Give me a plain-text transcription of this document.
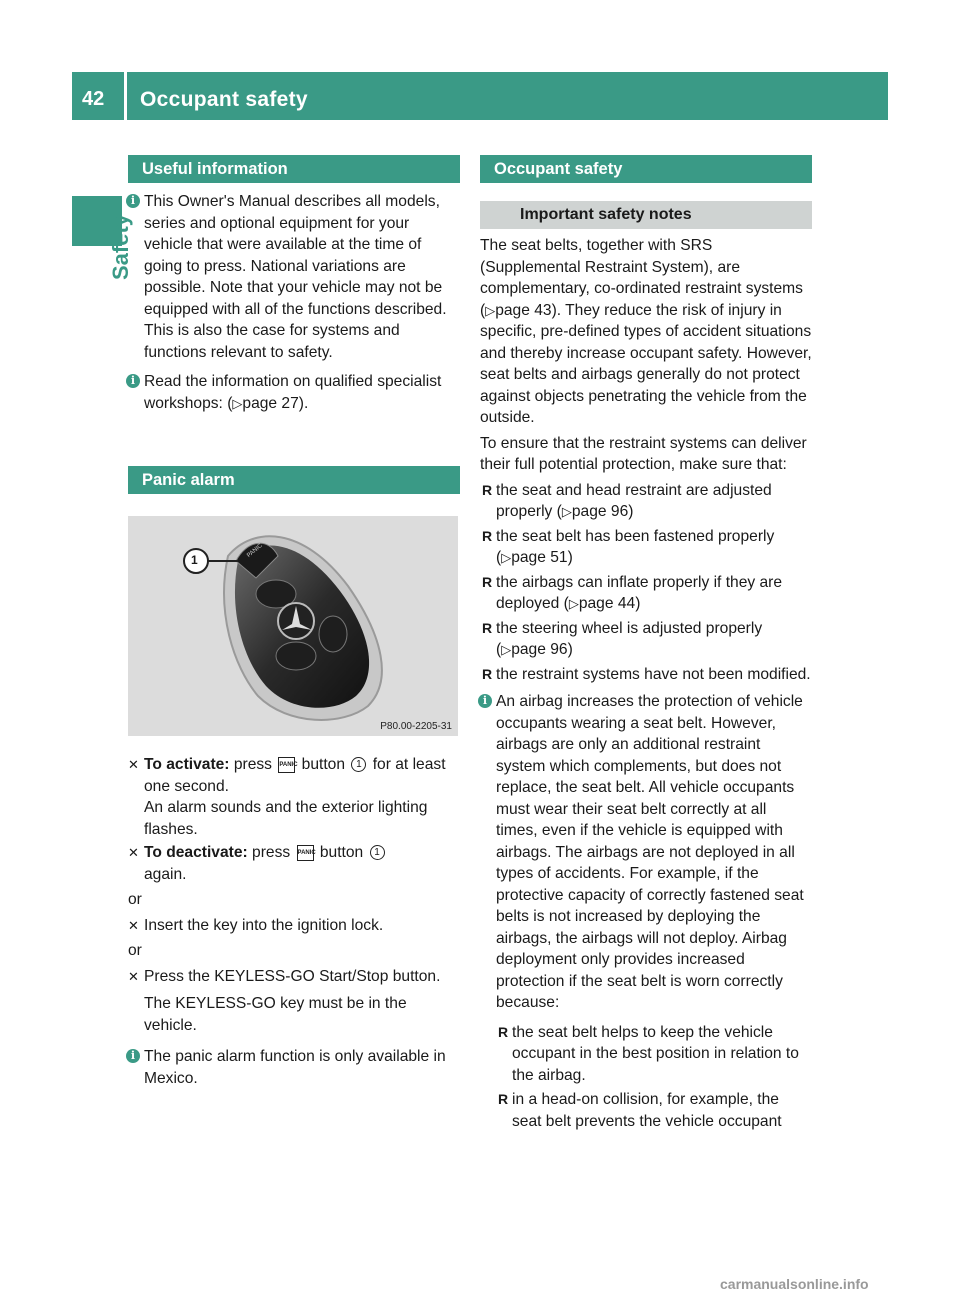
42 Occupant safety
Safety
Useful information
i This Owner's Manual describes all models, series and optional equipment for your vehicle that were available at the time of going to press. National variations are possible. Note that your vehicle may not be equipped with all of the functions described. This is also the case for systems and functions relevant to safety.
i Read the information on qualified specialist workshops: (▷page 27).
Panic alarm
1
PANIC
P80.00-2205-31
✕ To activate: press PANIC button 1 for at least one second.
An alarm sounds and the exterior lighting flashes.
✕ To deactivate: press PANIC button 1
again.
or
✕ Insert the key into the ignition lock.
or
✕ Press the KEYLESS-GO Start/Stop button.
The KEYLESS-GO key must be in the vehicle.
i The panic alarm function is only available in Mexico.
Occupant safety
Important safety notes

The seat belts, together with SRS (Supplemental Restraint System), are complementary, co-ordinated restraint systems (▷page 43). They reduce the risk of injury in specific, pre-defined types of accident situations and thereby increase occupant safety. However, seat belts and airbags generally do not protect against objects penetrating the vehicle from the outside.

To ensure that the restraint systems can deliver their full potential protection, make sure that:

R the seat and head restraint are adjusted properly (▷page 96)
R the seat belt has been fastened properly (▷page 51)
R the airbags can inflate properly if they are deployed (▷page 44)
R the steering wheel is adjusted properly (▷page 96)
R the restraint systems have not been modified.
i An airbag increases the protection of vehicle occupants wearing a seat belt. However, airbags are only an additional restraint system which complements, but does not replace, the seat belt. All vehicle occupants must wear their seat belt correctly at all times, even if the vehicle is equipped with airbags. The airbags are not deployed in all types of accidents. For example, if the protective capacity of correctly fastened seat belts is not increased by deploying the airbags, the airbags will not deploy. Airbag deployment only provides increased protection if the seat belt is worn correctly because:
R the seat belt helps to keep the vehicle occupant in the best position in relation to the airbag.
R in a head-on collision, for example, the seat belt prevents the vehicle occupant
carmanualsonline.info
